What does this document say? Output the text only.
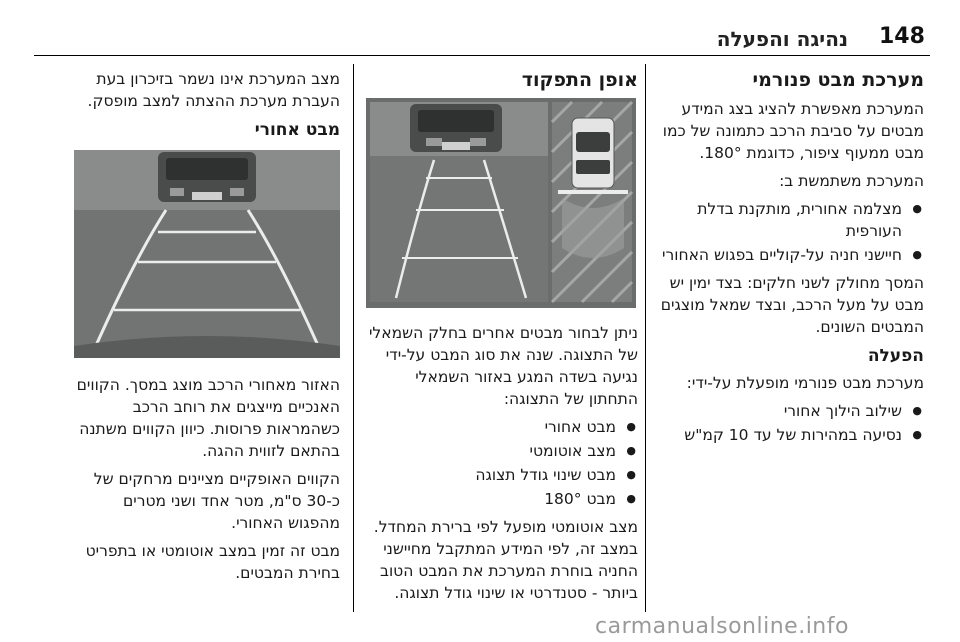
148
נהיגה והפעלה
מערכת מבט פנורמי

המערכת מאפשרת להציג בצג המידע מבטים על סביבת הרכב כתמונה של כמו מבט ממעוף ציפור, כדוגמת 180°.

המערכת משתמשת ב:

● מצלמה אחורית, מותקנת בדלת העורפית
● חיישני חניה על-קוליים בפגוש האחורי

המסך מחולק לשני חלקים: בצד ימין יש מבט על מעל הרכב, ובצד שמאל מוצגים המבטים השונים.

הפעלה

מערכת מבט פנורמי מופעלת על-ידי:

● שילוב הילוך אחורי
● נסיעה במהירות של עד 10 קמ"ש
אופן התפקוד

ניתן לבחור מבטים אחרים בחלק השמאלי של התצוגה. שנה את סוג המבט על-ידי נגיעה בשדה המגע באזור השמאלי התחתון של התצוגה:

● מבט אחורי
● מצב אוטומטי
● מבט שינוי גודל תצוגה
● מבט 180°

מצב אוטומטי מופעל לפי ברירת המחדל. במצב זה, לפי המידע המתקבל מחיישני החניה בוחרת המערכת את המבט הטוב ביותר - סטנדרטי או שינוי גודל תצוגה.

מצב המערכת אינו נשמר בזיכרון בעת העברת מערכת ההצתה למצב מופסק.

מבט אחורי

האזור מאחורי הרכב מוצג במסך. הקווים האנכיים מייצגים את רוחב הרכב כשהמראות פרוסות. כיוון הקווים משתנה בהתאם לזווית ההגה.

הקווים האופקיים מציינים מרחקים של כ-30 ס"מ, מטר אחד ושני מטרים מהפגוש האחורי.

מבט זה זמין במצב אוטומטי או בתפריט בחירת המבטים.

carmanualsonline.info
